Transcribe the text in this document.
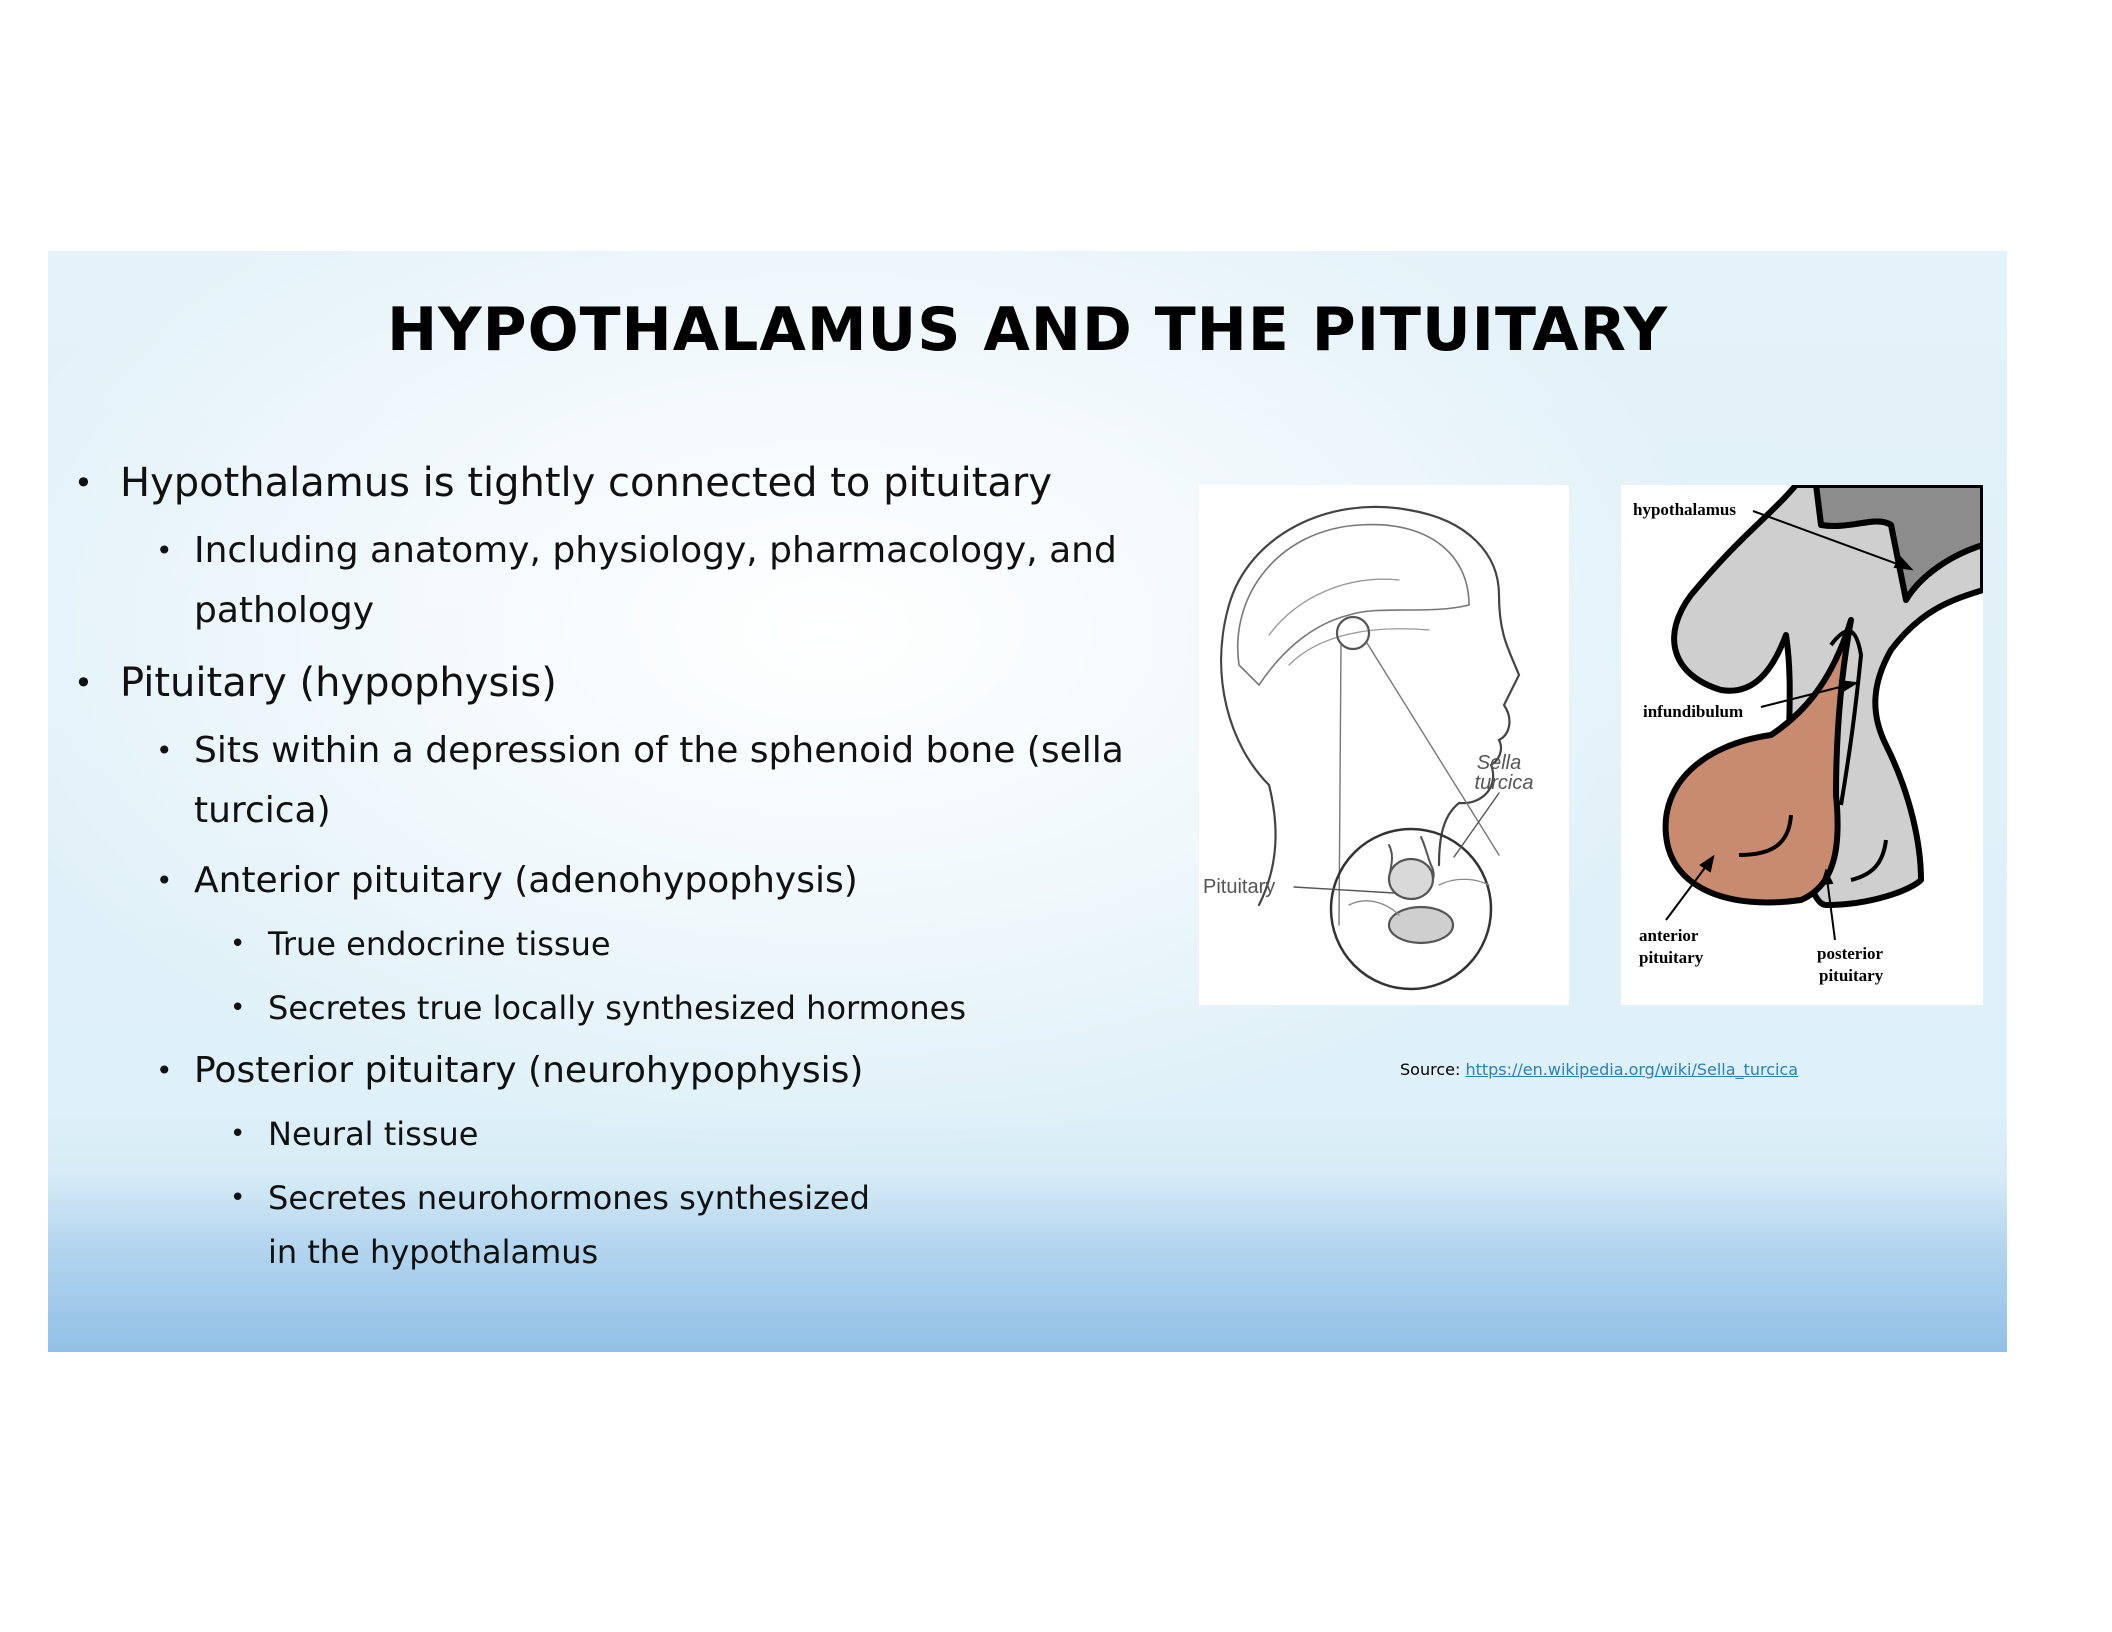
HYPOTHALAMUS AND THE PITUITARY
• Hypothalamus is tightly connected to pituitary
• Including anatomy, physiology, pharmacology, and pathology
• Pituitary (hypophysis)
• Sits within a depression of the sphenoid bone (sella turcica)
• Anterior pituitary (adenohypophysis)
• True endocrine tissue
• Secretes true locally synthesized hormones
• Posterior pituitary (neurohypophysis)
• Neural tissue
• Secretes neurohormones synthesized in the hypothalamus
Sella
turcica
Pituitary
hypothalamus
infundibulum
anterior
pituitary	posterior
pituitary
Source: https://en.wikipedia.org/wiki/Sella_turcica
